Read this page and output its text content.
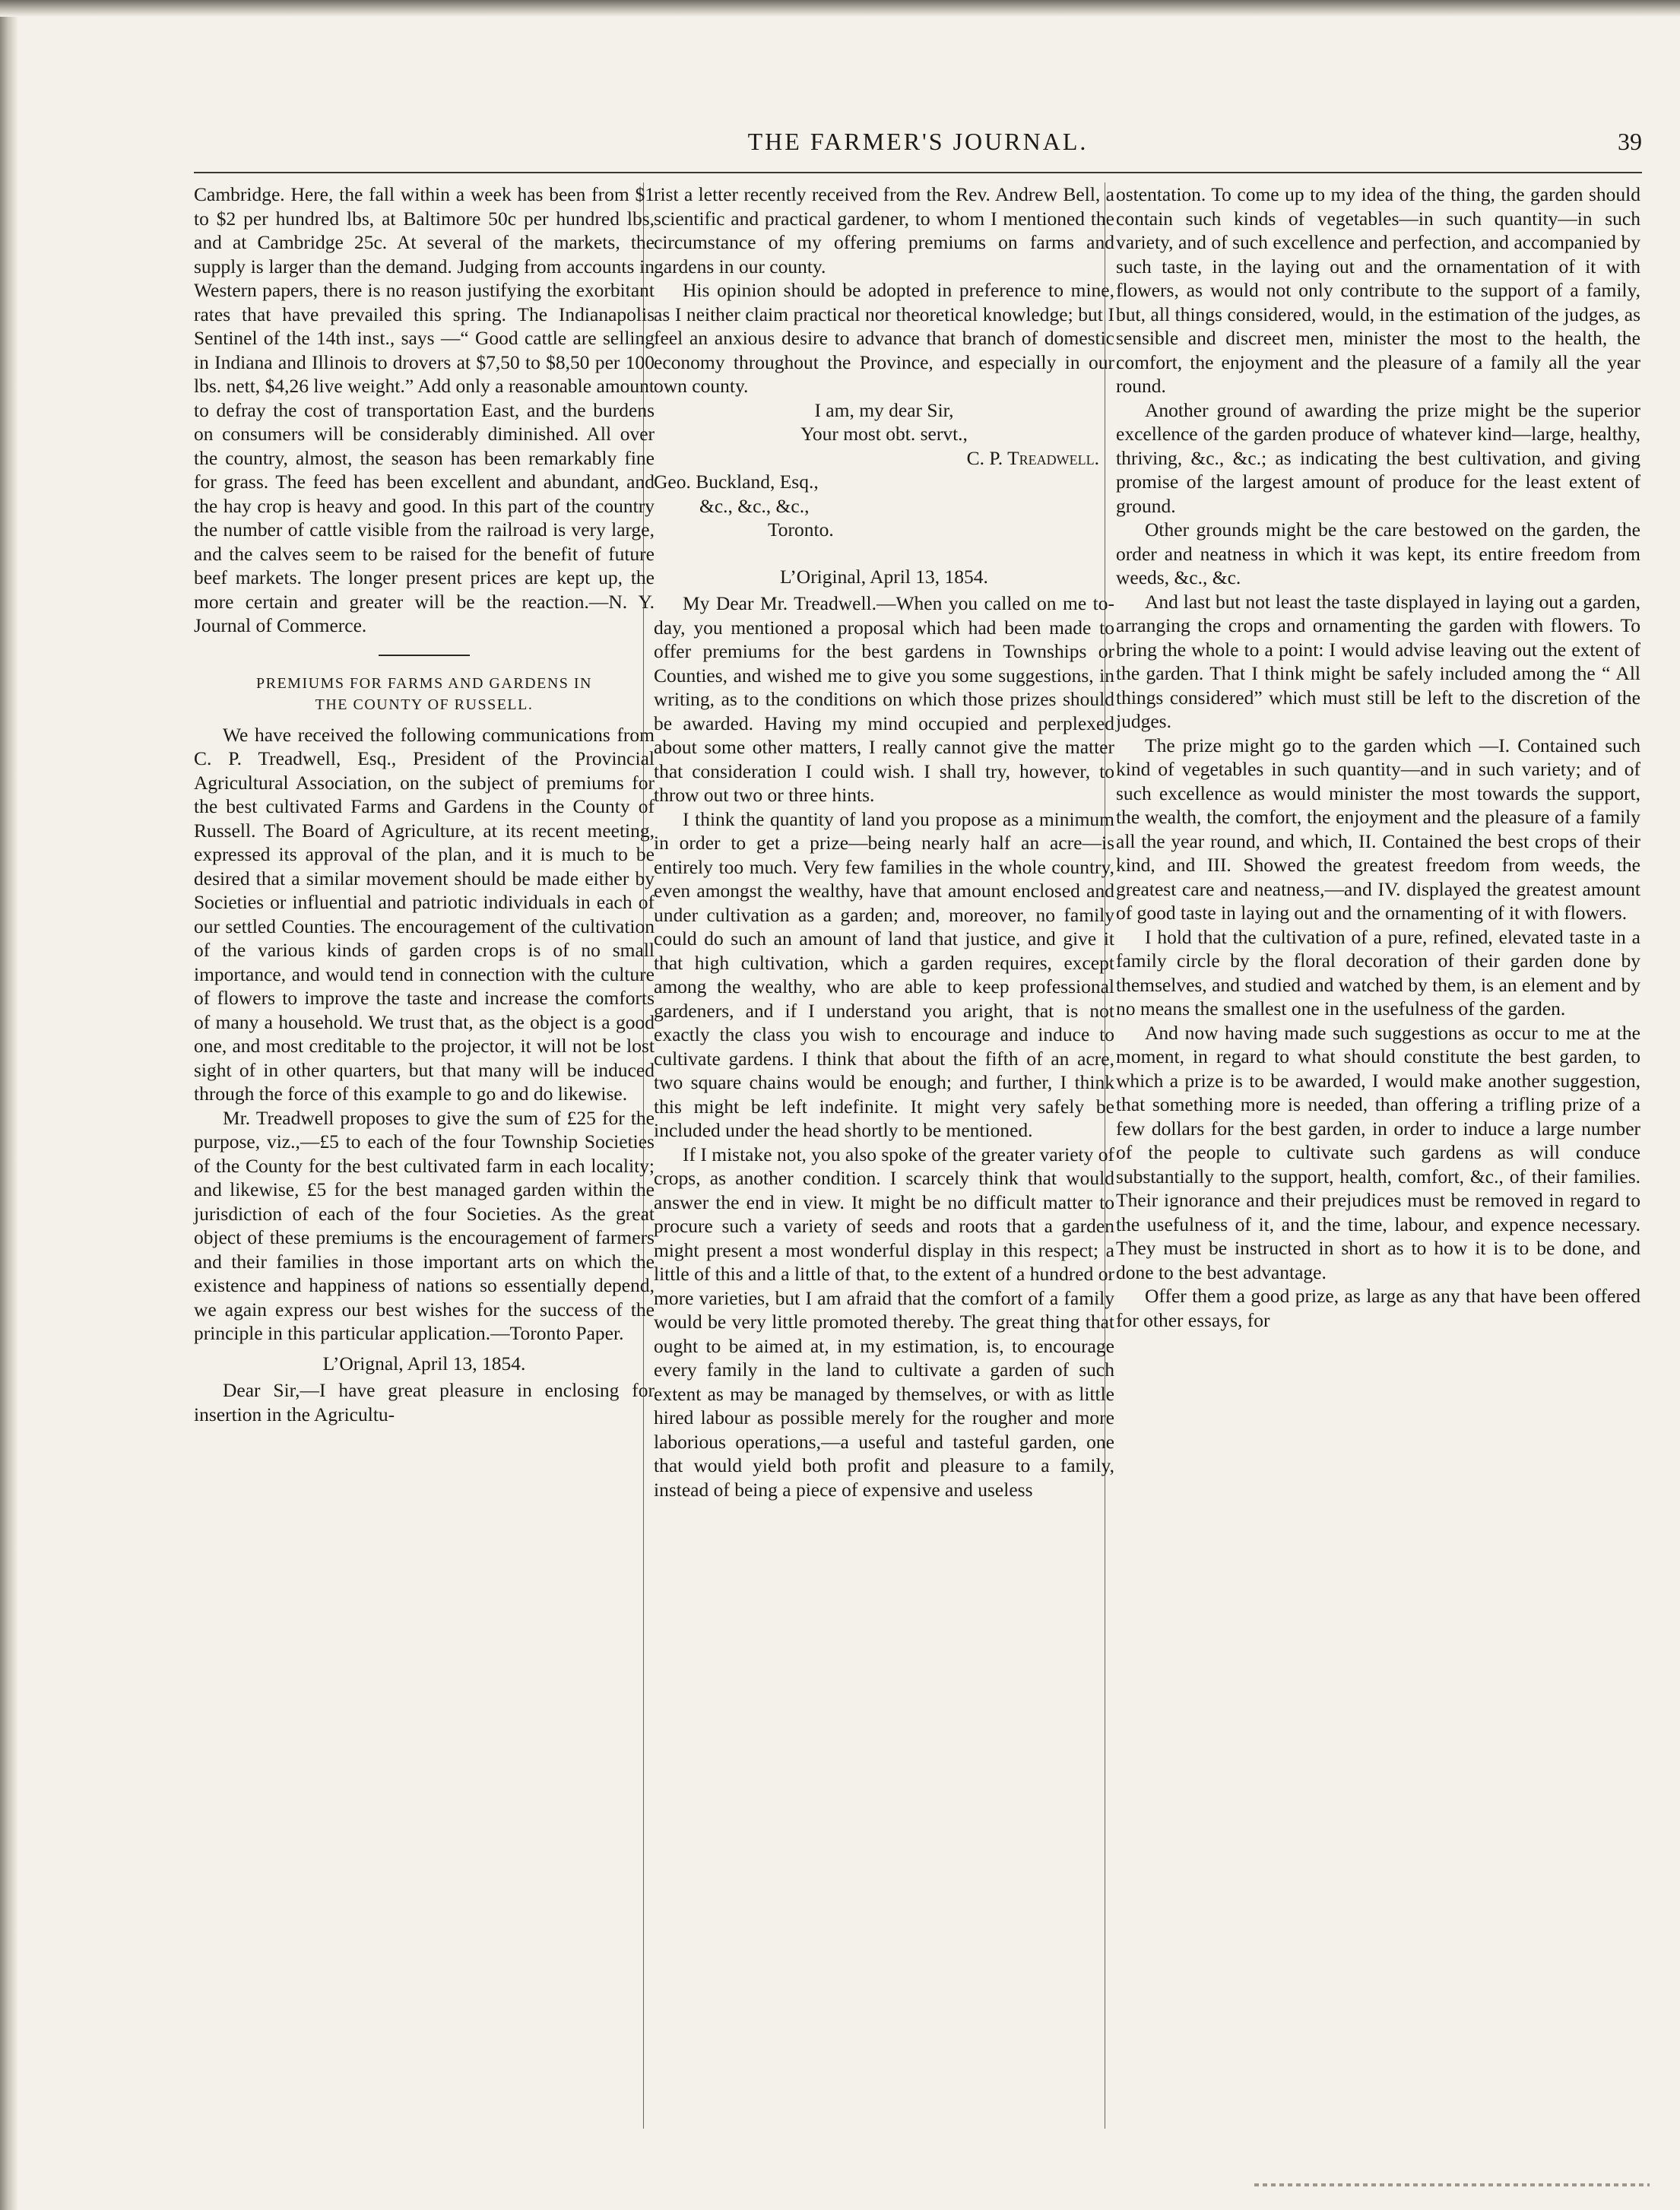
THE FARMER'S JOURNAL.	39

Cambridge. Here, the fall within a week has been from $1 to $2 per hundred lbs, at Baltimore 50c per hundred lbs, and at Cambridge 25c. At several of the markets, the supply is larger than the demand. Judging from accounts in Western papers, there is no reason justifying the exorbitant rates that have prevailed this spring. The Indianapolis Sentinel of the 14th inst., says —“ Good cattle are selling in Indiana and Illinois to drovers at $7,50 to $8,50 per 100 lbs. nett, $4,26 live weight.” Add only a reasonable amount to defray the cost of transportation East, and the burdens on consumers will be considerably diminished. All over the country, almost, the season has been remarkably fine for grass. The feed has been excellent and abundant, and the hay crop is heavy and good. In this part of the country the number of cattle visible from the railroad is very large, and the calves seem to be raised for the benefit of future beef markets. The longer present prices are kept up, the more certain and greater will be the reaction.—N. Y. Journal of Commerce.

PREMIUMS FOR FARMS AND GARDENS IN
THE COUNTY OF RUSSELL.

We have received the following communications from C. P. Treadwell, Esq., President of the Provincial Agricultural Association, on the subject of premiums for the best cultivated Farms and Gardens in the County of Russell. The Board of Agriculture, at its recent meeting, expressed its approval of the plan, and it is much to be desired that a similar movement should be made either by Societies or influential and patriotic individuals in each of our settled Counties. The encouragement of the cultivation of the various kinds of garden crops is of no small importance, and would tend in connection with the culture of flowers to improve the taste and increase the comforts of many a household. We trust that, as the object is a good one, and most creditable to the projector, it will not be lost sight of in other quarters, but that many will be induced through the force of this example to go and do likewise.

Mr. Treadwell proposes to give the sum of £25 for the purpose, viz.,—£5 to each of the four Township Societies of the County for the best cultivated farm in each locality; and likewise, £5 for the best managed garden within the jurisdiction of each of the four Societies. As the great object of these premiums is the encouragement of farmers and their families in those important arts on which the existence and happiness of nations so essentially depend, we again express our best wishes for the success of the principle in this particular application.—Toronto Paper.

L’Orignal, April 13, 1854.

Dear Sir,—I have great pleasure in enclosing for insertion in the Agricultu-

rist a letter recently received from the Rev. Andrew Bell, a scientific and practical gardener, to whom I mentioned the circumstance of my offering premiums on farms and gardens in our county.

His opinion should be adopted in preference to mine, as I neither claim practical nor theoretical knowledge; but I feel an anxious desire to advance that branch of domestic economy throughout the Province, and especially in our own county.

I am, my dear Sir,
Your most obt. servt.,
C. P. Treadwell.
Geo. Buckland, Esq.,
&c., &c., &c.,
Toronto.
L’Original, April 13, 1854.

My Dear Mr. Treadwell.—When you called on me to-day, you mentioned a proposal which had been made to offer premiums for the best gardens in Townships or Counties, and wished me to give you some suggestions, in writing, as to the conditions on which those prizes should be awarded. Having my mind occupied and perplexed about some other matters, I really cannot give the matter that consideration I could wish. I shall try, however, to throw out two or three hints.

I think the quantity of land you propose as a minimum in order to get a prize—being nearly half an acre—is entirely too much. Very few families in the whole country, even amongst the wealthy, have that amount enclosed and under cultivation as a garden; and, moreover, no family could do such an amount of land that justice, and give it that high cultivation, which a garden requires, except among the wealthy, who are able to keep professional gardeners, and if I understand you aright, that is not exactly the class you wish to encourage and induce to cultivate gardens. I think that about the fifth of an acre, two square chains would be enough; and further, I think this might be left indefinite. It might very safely be included under the head shortly to be mentioned.

If I mistake not, you also spoke of the greater variety of crops, as another condition. I scarcely think that would answer the end in view. It might be no difficult matter to procure such a variety of seeds and roots that a garden might present a most wonderful display in this respect; a little of this and a little of that, to the extent of a hundred or more varieties, but I am afraid that the comfort of a family would be very little promoted thereby. The great thing that ought to be aimed at, in my estimation, is, to encourage every family in the land to cultivate a garden of such extent as may be managed by themselves, or with as little hired labour as possible merely for the rougher and more laborious operations,—a useful and tasteful garden, one that would yield both profit and pleasure to a family, instead of being a piece of expensive and useless

ostentation. To come up to my idea of the thing, the garden should contain such kinds of vegetables—in such quantity—in such variety, and of such excellence and perfection, and accompanied by such taste, in the laying out and the ornamentation of it with flowers, as would not only contribute to the support of a family, but, all things considered, would, in the estimation of the judges, as sensible and discreet men, minister the most to the health, the comfort, the enjoyment and the pleasure of a family all the year round.

Another ground of awarding the prize might be the superior excellence of the garden produce of whatever kind—large, healthy, thriving, &c., &c.; as indicating the best cultivation, and giving promise of the largest amount of produce for the least extent of ground.

Other grounds might be the care bestowed on the garden, the order and neatness in which it was kept, its entire freedom from weeds, &c., &c.

And last but not least the taste displayed in laying out a garden, arranging the crops and ornamenting the garden with flowers. To bring the whole to a point: I would advise leaving out the extent of the garden. That I think might be safely included among the “ All things considered” which must still be left to the discretion of the judges.

The prize might go to the garden which —I. Contained such kind of vegetables in such quantity—and in such variety; and of such excellence as would minister the most towards the support, the wealth, the comfort, the enjoyment and the pleasure of a family all the year round, and which, II. Contained the best crops of their kind, and III. Showed the greatest freedom from weeds, the greatest care and neatness,—and IV. displayed the greatest amount of good taste in laying out and the ornamenting of it with flowers.

I hold that the cultivation of a pure, refined, elevated taste in a family circle by the floral decoration of their garden done by themselves, and studied and watched by them, is an element and by no means the smallest one in the usefulness of the garden.

And now having made such suggestions as occur to me at the moment, in regard to what should constitute the best garden, to which a prize is to be awarded, I would make another suggestion, that something more is needed, than offering a trifling prize of a few dollars for the best garden, in order to induce a large number of the people to cultivate such gardens as will conduce substantially to the support, health, comfort, &c., of their families. Their ignorance and their prejudices must be removed in regard to the usefulness of it, and the time, labour, and expence necessary. They must be instructed in short as to how it is to be done, and done to the best advantage.

Offer them a good prize, as large as any that have been offered for other essays, for
